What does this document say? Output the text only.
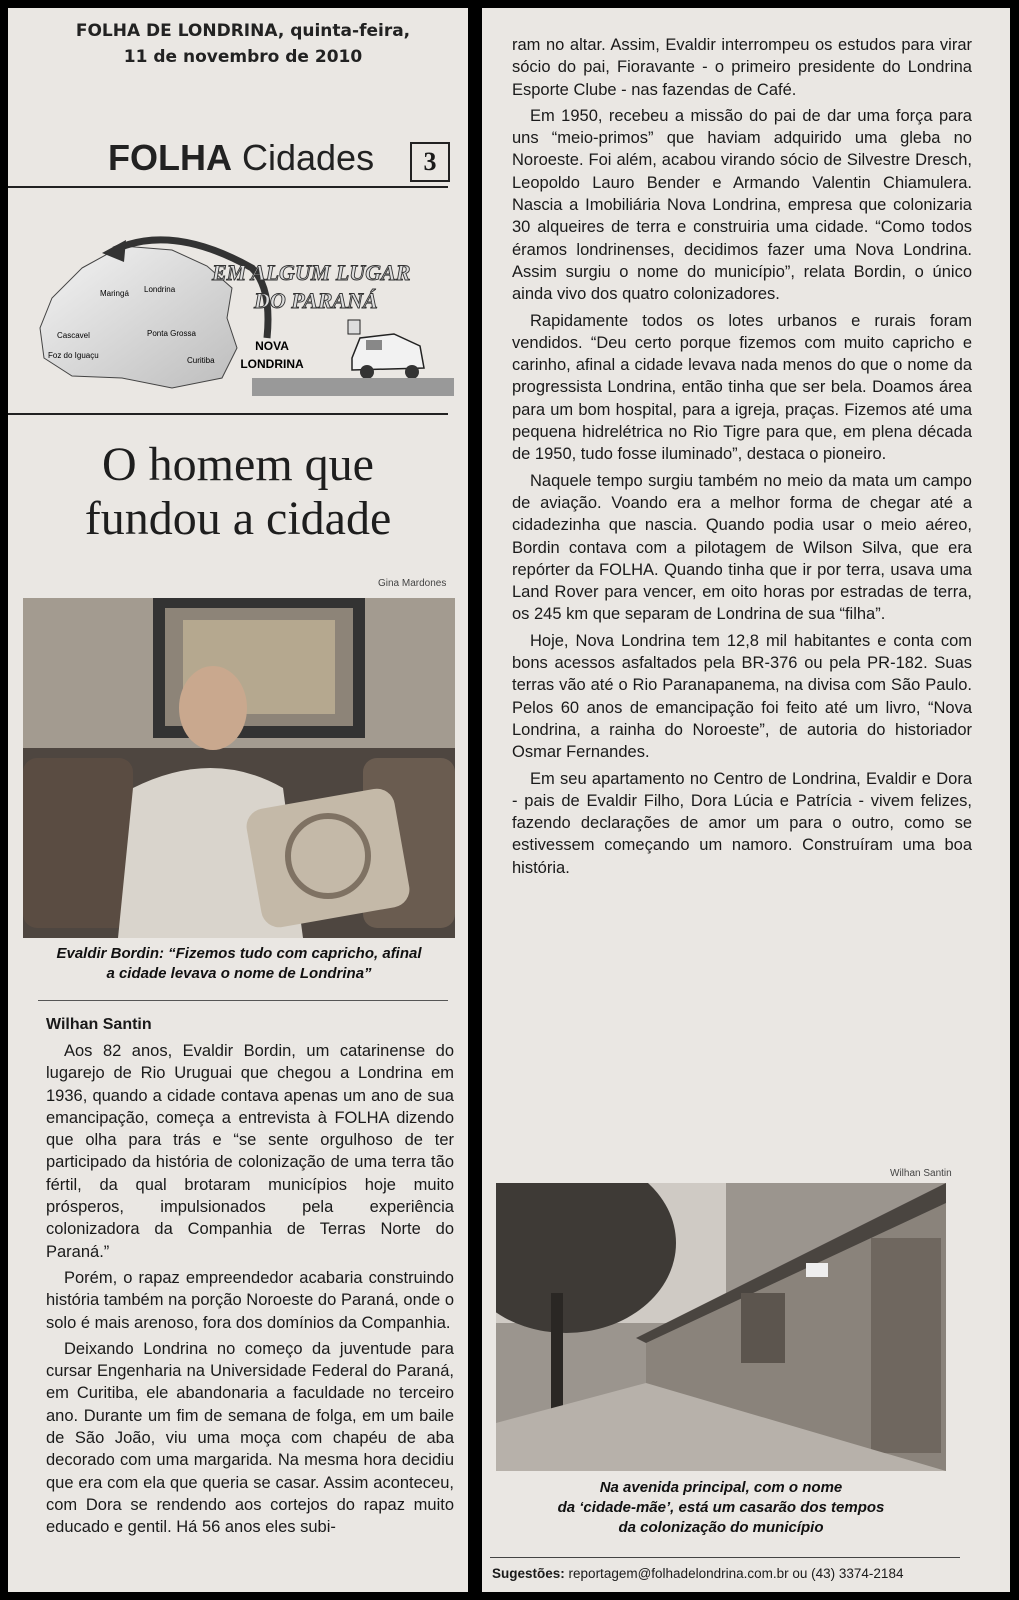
FOLHA DE LONDRINA, quinta-feira,
11 de novembro de 2010
FOLHA Cidades	3
Maringá Londrina
Cascavel	Ponta Grossa
Foz do Iguaçu
Curitiba
EM ALGUM LUGAR
DO PARANÁ
NOVA
LONDRINA
O homem que
fundou a cidade
Gina Mardones
Evaldir Bordin: “Fizemos tudo com capricho, afinal
a cidade levava o nome de Londrina”
Wilhan Santin

Aos 82 anos, Evaldir Bordin, um catarinense do lugarejo de Rio Uruguai que chegou a Londrina em 1936, quando a cidade contava apenas um ano de sua emancipação, começa a entrevista à FOLHA dizendo que olha para trás e “se sente orgulhoso de ter participado da história de colonização de uma terra tão fértil, da qual brotaram municípios hoje muito prósperos, impulsionados pela experiência colonizadora da Companhia de Terras Norte do Paraná.”

Porém, o rapaz empreendedor acabaria construindo história também na porção Noroeste do Paraná, onde o solo é mais arenoso, fora dos domínios da Companhia.

Deixando Londrina no começo da juventude para cursar Engenharia na Universidade Federal do Paraná, em Curitiba, ele abandonaria a faculdade no terceiro ano. Durante um fim de semana de folga, em um baile de São João, viu uma moça com chapéu de aba decorado com uma margarida. Na mesma hora decidiu que era com ela que queria se casar. Assim aconteceu, com Dora se rendendo aos cortejos do rapaz muito educado e gentil. Há 56 anos eles subi-

ram no altar. Assim, Evaldir interrompeu os estudos para virar sócio do pai, Fioravante - o primeiro presidente do Londrina Esporte Clube - nas fazendas de Café.

Em 1950, recebeu a missão do pai de dar uma força para uns “meio-primos” que haviam adquirido uma gleba no Noroeste. Foi além, acabou virando sócio de Silvestre Dresch, Leopoldo Lauro Bender e Armando Valentin Chiamulera. Nascia a Imobiliária Nova Londrina, empresa que colonizaria 30 alqueires de terra e construiria uma cidade. “Como todos éramos londrinenses, decidimos fazer uma Nova Londrina. Assim surgiu o nome do município”, relata Bordin, o único ainda vivo dos quatro colonizadores.

Rapidamente todos os lotes urbanos e rurais foram vendidos. “Deu certo porque fizemos com muito capricho e carinho, afinal a cidade levava nada menos do que o nome da progressista Londrina, então tinha que ser bela. Doamos área para um bom hospital, para a igreja, praças. Fizemos até uma pequena hidrelétrica no Rio Tigre para que, em plena década de 1950, tudo fosse iluminado”, destaca o pioneiro.

Naquele tempo surgiu também no meio da mata um campo de aviação. Voando era a melhor forma de chegar até a cidadezinha que nascia. Quando podia usar o meio aéreo, Bordin contava com a pilotagem de Wilson Silva, que era repórter da FOLHA. Quando tinha que ir por terra, usava uma Land Rover para vencer, em oito horas por estradas de terra, os 245 km que separam de Londrina de sua “filha”.

Hoje, Nova Londrina tem 12,8 mil habitantes e conta com bons acessos asfaltados pela BR-376 ou pela PR-182. Suas terras vão até o Rio Paranapanema, na divisa com São Paulo. Pelos 60 anos de emancipação foi feito até um livro, “Nova Londrina, a rainha do Noroeste”, de autoria do historiador Osmar Fernandes.

Em seu apartamento no Centro de Londrina, Evaldir e Dora - pais de Evaldir Filho, Dora Lúcia e Patrícia - vivem felizes, fazendo declarações de amor um para o outro, como se estivessem começando um namoro. Construíram uma boa história.

Wilhan Santin
Na avenida principal, com o nome
da ‘cidade-mãe’, está um casarão dos tempos
da colonização do município
Sugestões: reportagem@folhadelondrina.com.br ou (43) 3374-2184
